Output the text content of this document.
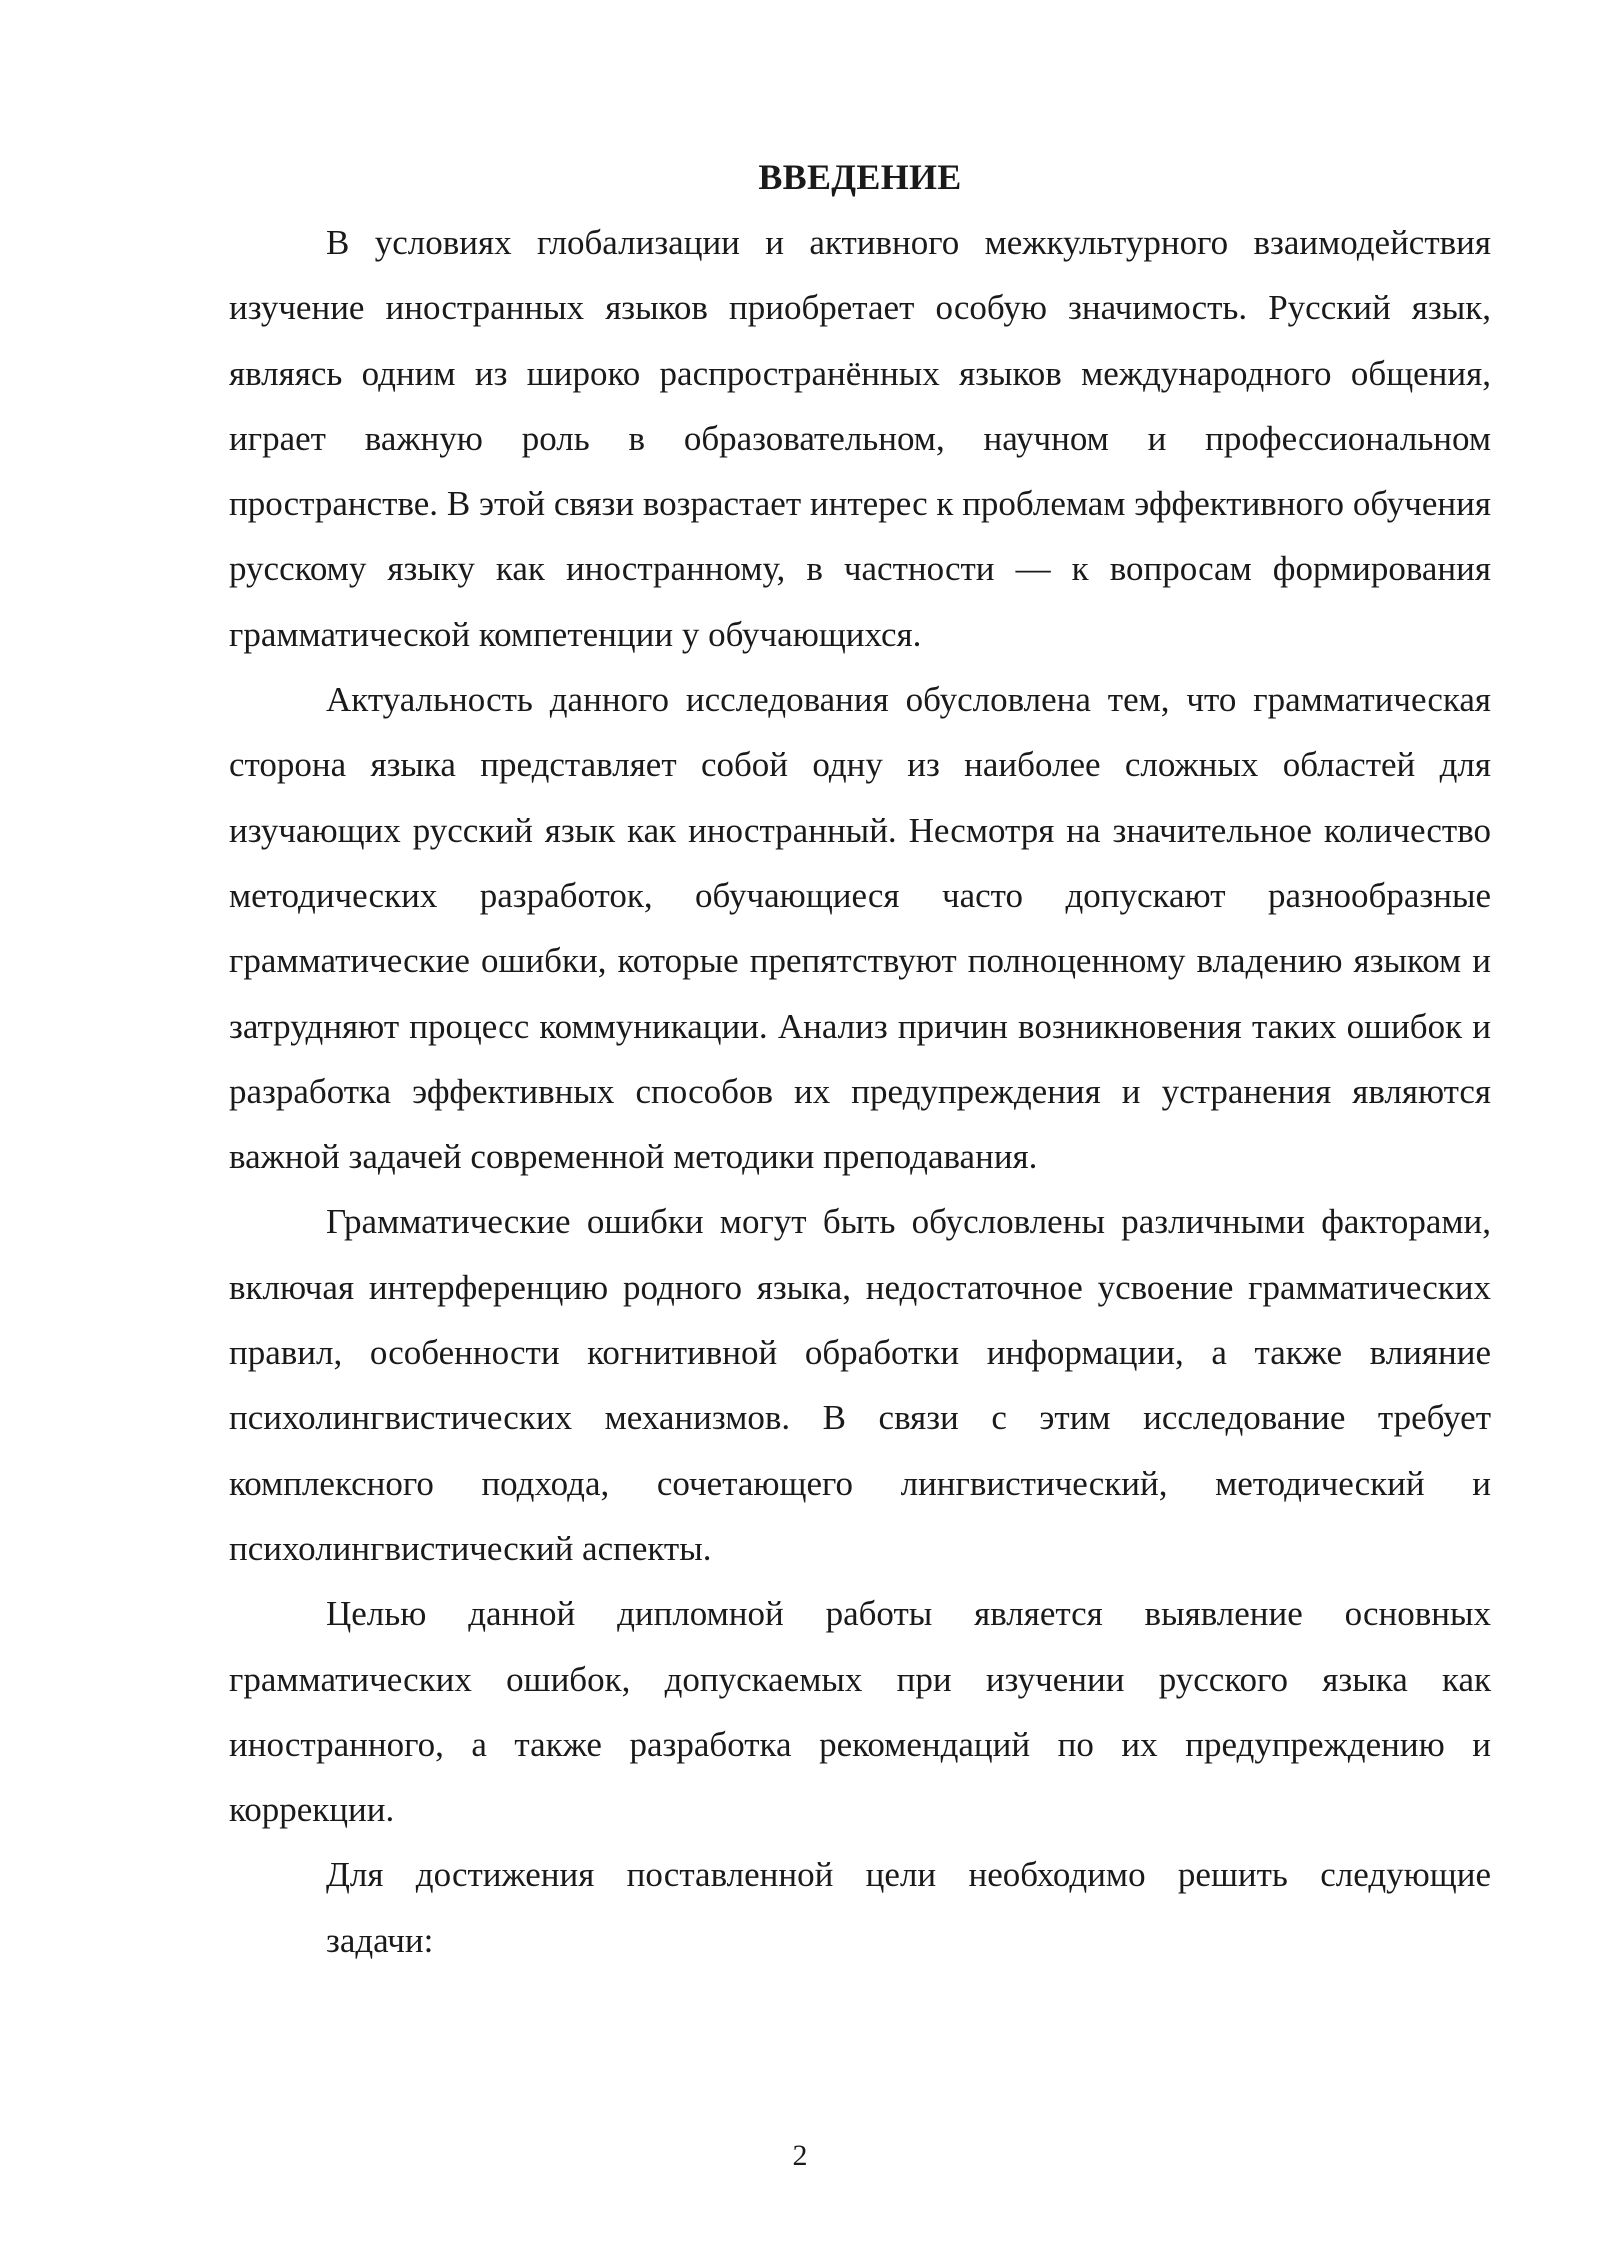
ВВЕДЕНИЕ

В условиях глобализации и активного межкультурного взаимодействия изучение иностранных языков приобретает особую значимость. Русский язык, являясь одним из широко распространённых языков международного общения, играет важную роль в образовательном, научном и профессиональном пространстве. В этой связи возрастает интерес к проблемам эффективного обучения русскому языку как иностранному, в частности — к вопросам формирования грамматической компетенции у обучающихся.

Актуальность данного исследования обусловлена тем, что грамматическая сторона языка представляет собой одну из наиболее сложных областей для изучающих русский язык как иностранный. Несмотря на значительное количество методических разработок, обучающиеся часто допускают разнообразные грамматические ошибки, которые препятствуют полноценному владению языком и затрудняют процесс коммуникации. Анализ причин возникновения таких ошибок и разработка эффективных способов их предупреждения и устранения являются важной задачей современной методики преподавания.

Грамматические ошибки могут быть обусловлены различными факторами, включая интерференцию родного языка, недостаточное усвоение грамматических правил, особенности когнитивной обработки информации, а также влияние психолингвистических механизмов. В связи с этим исследование требует комплексного подхода, сочетающего лингвистический, методический и психолингвистический аспекты.

Целью данной дипломной работы является выявление основных грамматических ошибок, допускаемых при изучении русского языка как иностранного, а также разработка рекомендаций по их предупреждению и коррекции.

Для достижения поставленной цели необходимо решить следующие

задачи:

2
